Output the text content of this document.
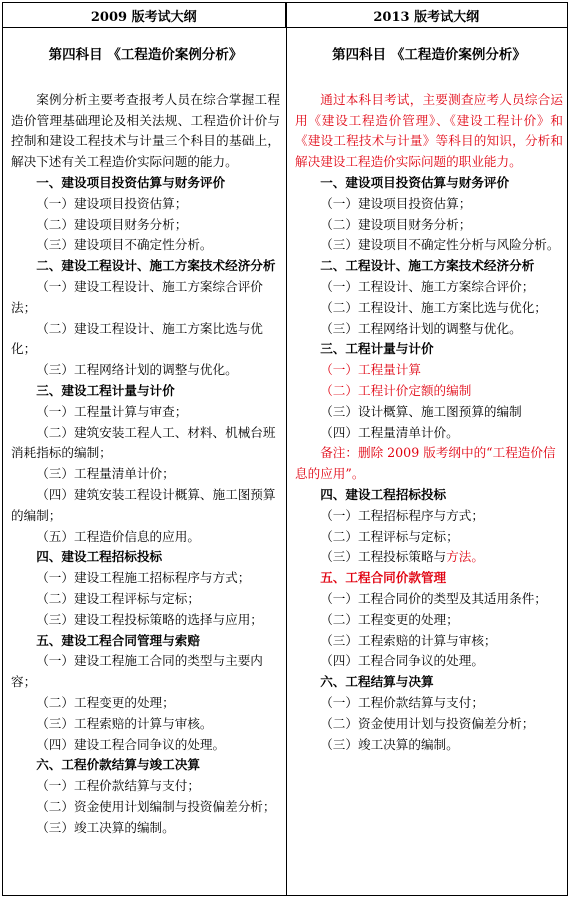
2009 版考试大纲	2013 版考试大纲
第四科目 《工程造价案例分析》
案例分析主要考查报考人员在综合掌握工程造价管理基础理论及相关法规、工程造价计价与控制和建设工程技术与计量三个科目的基础上，解决下述有关工程造价实际问题的能力。
一、建设项目投资估算与财务评价
（一）建设项目投资估算；
（二）建设项目财务分析；
（三）建设项目不确定性分析。
二、建设工程设计、施工方案技术经济分析
（一）建设工程设计、施工方案综合评价法；
（二）建设工程设计、施工方案比选与优化；
（三）工程网络计划的调整与优化。
三、建设工程计量与计价
（一）工程量计算与审查；
（二）建筑安装工程人工、材料、机械台班消耗指标的编制；
（三）工程量清单计价；
（四）建筑安装工程设计概算、施工图预算的编制；
（五）工程造价信息的应用。
四、建设工程招标投标
（一）建设工程施工招标程序与方式；
（二）建设工程评标与定标；
（三）建设工程投标策略的选择与应用；
五、建设工程合同管理与索赔
（一）建设工程施工合同的类型与主要内容；
（二）工程变更的处理；
（三）工程索赔的计算与审核。
（四）建设工程合同争议的处理。
六、工程价款结算与竣工决算
（一）工程价款结算与支付；
（二）资金使用计划编制与投资偏差分析；
（三）竣工决算的编制。
第四科目 《工程造价案例分析》
通过本科目考试，主要测查应考人员综合运用《建设工程造价管理》、《建设工程计价》和《建设工程技术与计量》等科目的知识，分析和解决建设工程造价实际问题的职业能力。
一、建设项目投资估算与财务评价
（一）建设项目投资估算；
（二）建设项目财务分析；
（三）建设项目不确定性分析与风险分析。
二、工程设计、施工方案技术经济分析
（一）工程设计、施工方案综合评价；
（二）工程设计、施工方案比选与优化；
（三）工程网络计划的调整与优化。
三、工程计量与计价
（一）工程量计算
（二）工程计价定额的编制
（三）设计概算、施工图预算的编制
（四）工程量清单计价。
备注：删除 2009 版考纲中的“工程造价信息的应用”。
四、建设工程招标投标
（一）工程招标程序与方式；
（二）工程评标与定标；
（三）工程投标策略与方法。
五、工程合同价款管理
（一）工程合同价的类型及其适用条件；
（二）工程变更的处理；
（三）工程索赔的计算与审核；
（四）工程合同争议的处理。
六、工程结算与决算
（一）工程价款结算与支付；
（二）资金使用计划与投资偏差分析；
（三）竣工决算的编制。
